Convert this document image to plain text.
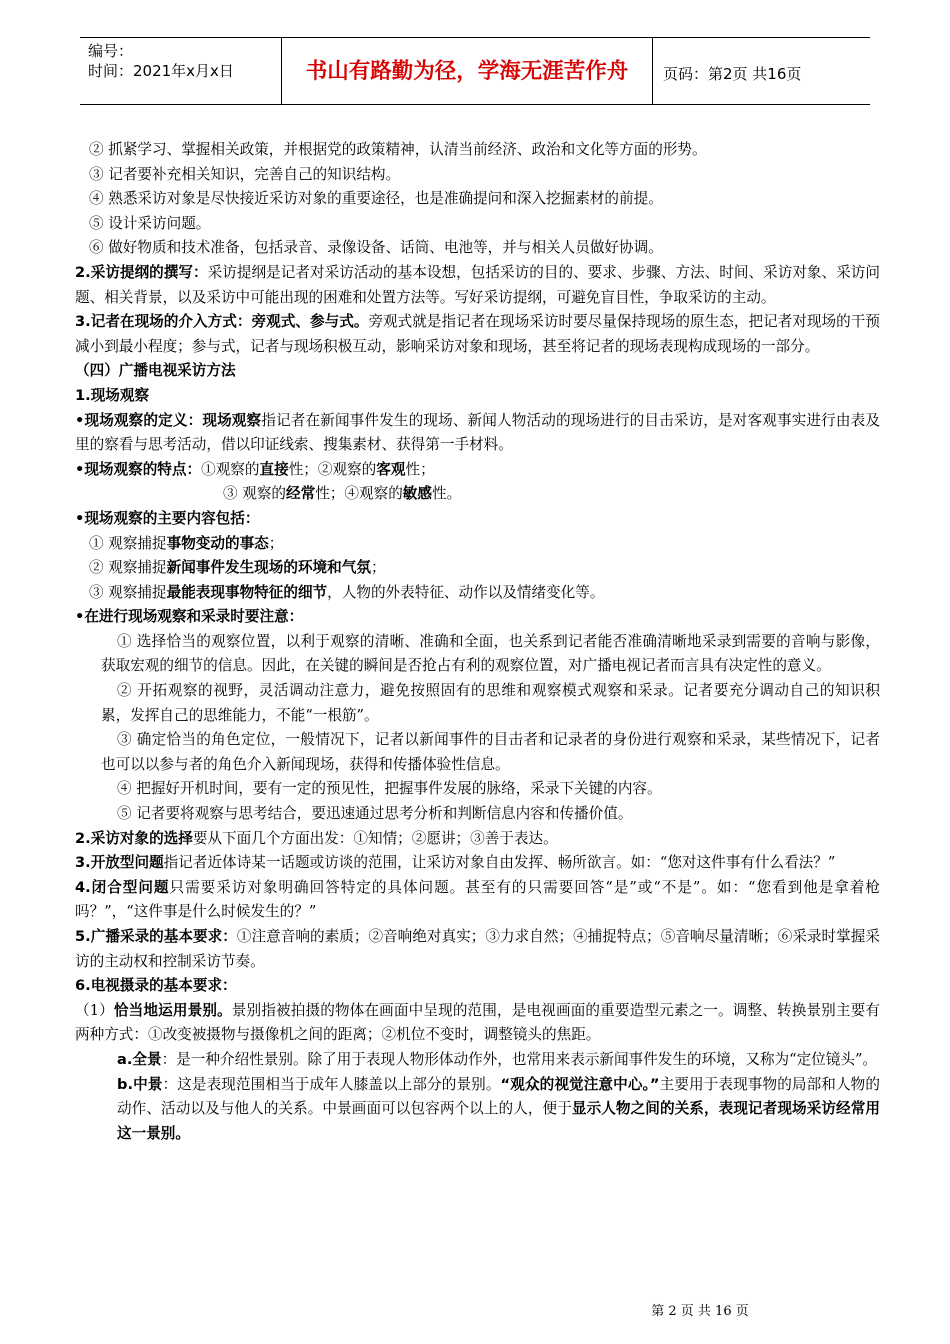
编号：
时间：2021年x月x日	书山有路勤为径，学海无涯苦作舟	页码：第2页 共16页
② 抓紧学习、掌握相关政策，并根据党的政策精神，认清当前经济、政治和文化等方面的形势。
③ 记者要补充相关知识，完善自己的知识结构。
④ 熟悉采访对象是尽快接近采访对象的重要途径，也是准确提问和深入挖掘素材的前提。
⑤ 设计采访问题。
⑥ 做好物质和技术准备，包括录音、录像设备、话筒、电池等，并与相关人员做好协调。
2.采访提纲的撰写：采访提纲是记者对采访活动的基本设想，包括采访的目的、要求、步骤、方法、时间、采访对象、采访问题、相关背景，以及采访中可能出现的困难和处置方法等。写好采访提纲，可避免盲目性，争取采访的主动。
3.记者在现场的介入方式：旁观式、参与式。旁观式就是指记者在现场采访时要尽量保持现场的原生态，把记者对现场的干预减小到最小程度；参与式，记者与现场积极互动，影响采访对象和现场，甚至将记者的现场表现构成现场的一部分。
（四）广播电视采访方法
1.现场观察
•现场观察的定义：现场观察指记者在新闻事件发生的现场、新闻人物活动的现场进行的目击采访，是对客观事实进行由表及里的察看与思考活动，借以印证线索、搜集素材、获得第一手材料。
•现场观察的特点：①观察的直接性；②观察的客观性；
③ 观察的经常性；④观察的敏感性。
•现场观察的主要内容包括：
① 观察捕捉事物变动的事态；
② 观察捕捉新闻事件发生现场的环境和气氛；
③ 观察捕捉最能表现事物特征的细节，人物的外表特征、动作以及情绪变化等。
•在进行现场观察和采录时要注意：
① 选择恰当的观察位置，以利于观察的清晰、准确和全面，也关系到记者能否准确清晰地采录到需要的音响与影像，获取宏观的细节的信息。因此，在关键的瞬间是否抢占有利的观察位置，对广播电视记者而言具有决定性的意义。
② 开拓观察的视野，灵活调动注意力，避免按照固有的思维和观察模式观察和采录。记者要充分调动自己的知识积累，发挥自己的思维能力，不能“一根筋”。
③ 确定恰当的角色定位，一般情况下，记者以新闻事件的目击者和记录者的身份进行观察和采录，某些情况下，记者也可以以参与者的角色介入新闻现场，获得和传播体验性信息。
④ 把握好开机时间，要有一定的预见性，把握事件发展的脉络，采录下关键的内容。
⑤ 记者要将观察与思考结合，要迅速通过思考分析和判断信息内容和传播价值。
2.采访对象的选择要从下面几个方面出发：①知情；②愿讲；③善于表达。
3.开放型问题指记者近体诗某一话题或访谈的范围，让采访对象自由发挥、畅所欲言。如：“您对这件事有什么看法？”
4.闭合型问题只需要采访对象明确回答特定的具体问题。甚至有的只需要回答“是”或“不是”。如：“您看到他是拿着枪吗？”，“这件事是什么时候发生的？”
5.广播采录的基本要求：①注意音响的素质；②音响绝对真实；③力求自然；④捕捉特点；⑤音响尽量清晰；⑥采录时掌握采访的主动权和控制采访节奏。
6.电视摄录的基本要求：
（1）恰当地运用景别。景别指被拍摄的物体在画面中呈现的范围，是电视画面的重要造型元素之一。调整、转换景别主要有两种方式：①改变被摄物与摄像机之间的距离；②机位不变时，调整镜头的焦距。
a.全景：是一种介绍性景别。除了用于表现人物形体动作外，也常用来表示新闻事件发生的环境，又称为“定位镜头”。
b.中景：这是表现范围相当于成年人膝盖以上部分的景别。“观众的视觉注意中心。”主要用于表现事物的局部和人物的动作、活动以及与他人的关系。中景画面可以包容两个以上的人，便于显示人物之间的关系，表现记者现场采访经常用这一景别。
第 2 页 共 16 页
